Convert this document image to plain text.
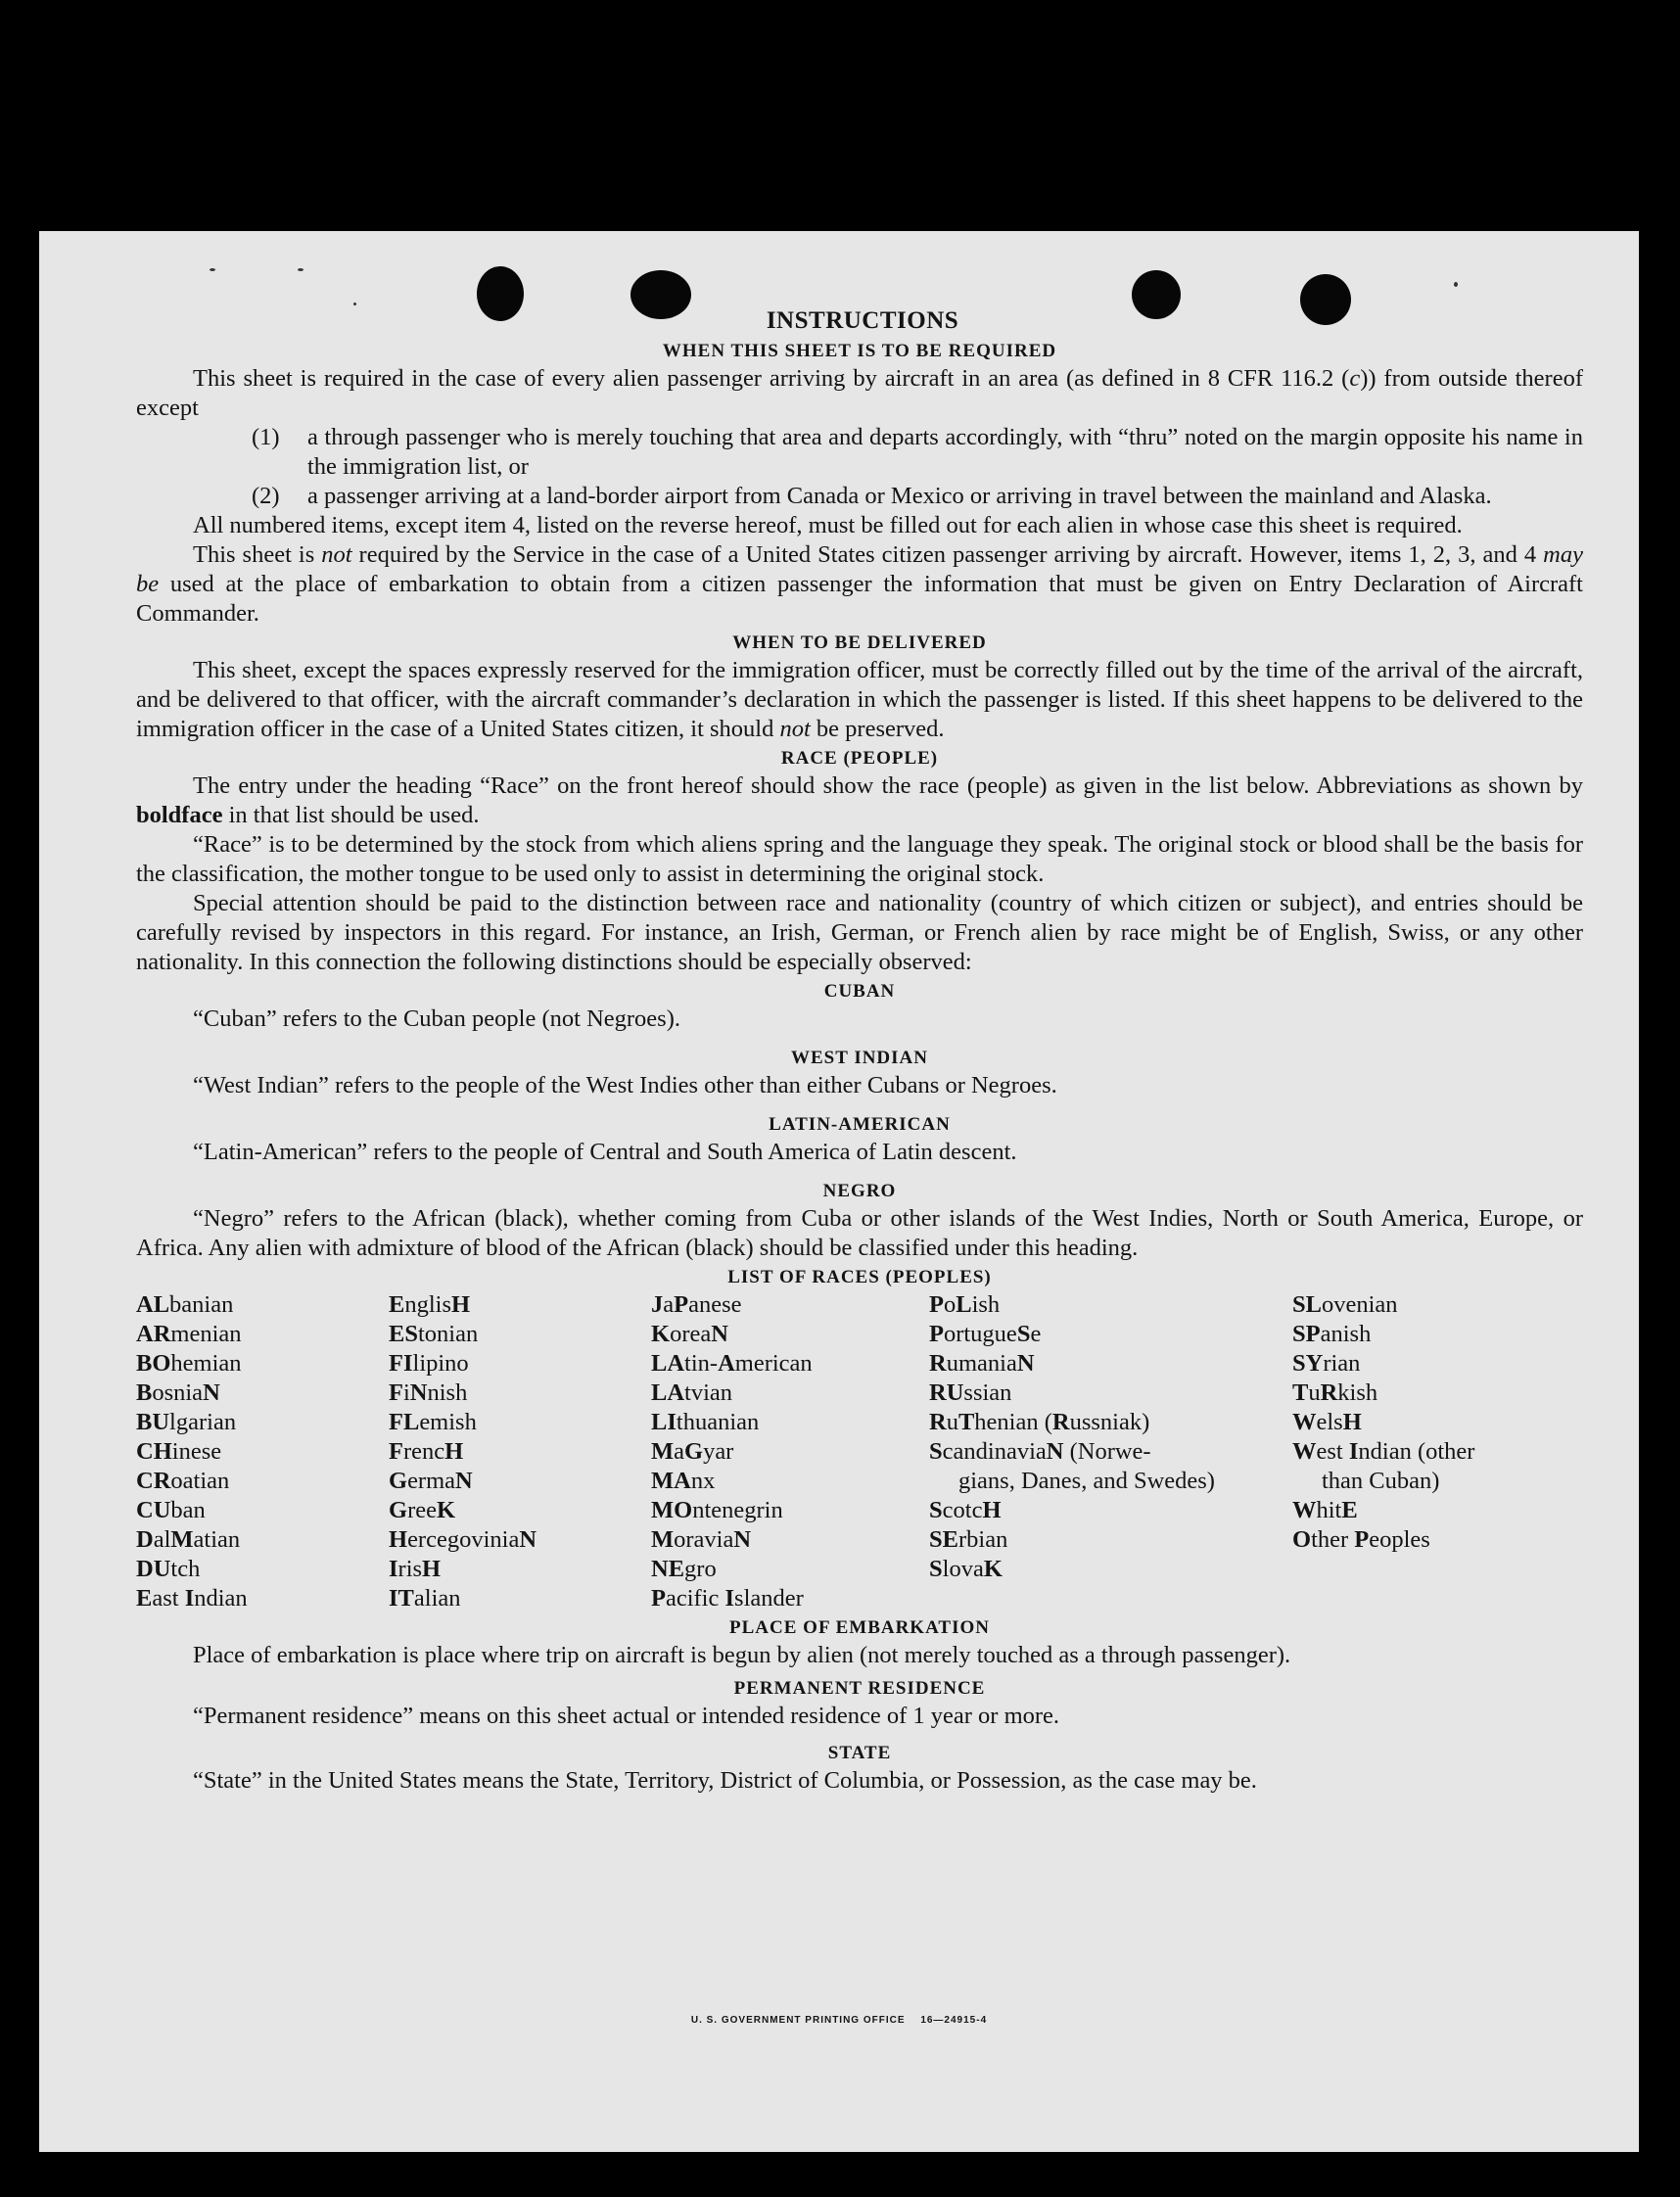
INSTRUCTIONS
WHEN THIS SHEET IS TO BE REQUIRED

This sheet is required in the case of every alien passenger arriving by aircraft in an area (as defined in 8 CFR 116.2 (c)) from outside thereof except

(1)	a through passenger who is merely touching that area and departs accordingly, with “thru” noted on the margin opposite his name in the immigration list, or
(2)	a passenger arriving at a land-border airport from Canada or Mexico or arriving in travel between the mainland and Alaska.

All numbered items, except item 4, listed on the reverse hereof, must be filled out for each alien in whose case this sheet is required.

This sheet is not required by the Service in the case of a United States citizen passenger arriving by aircraft. However, items 1, 2, 3, and 4 may be used at the place of embarkation to obtain from a citizen passenger the information that must be given on Entry Declaration of Aircraft Commander.

WHEN TO BE DELIVERED

This sheet, except the spaces expressly reserved for the immigration officer, must be correctly filled out by the time of the arrival of the aircraft, and be delivered to that officer, with the aircraft commander’s declaration in which the passenger is listed. If this sheet happens to be delivered to the immigration officer in the case of a United States citizen, it should not be preserved.

RACE (PEOPLE)

The entry under the heading “Race” on the front hereof should show the race (people) as given in the list below. Abbreviations as shown by boldface in that list should be used.

“Race” is to be determined by the stock from which aliens spring and the language they speak. The original stock or blood shall be the basis for the classification, the mother tongue to be used only to assist in determining the original stock.

Special attention should be paid to the distinction between race and nationality (country of which citizen or subject), and entries should be carefully revised by inspectors in this regard. For instance, an Irish, German, or French alien by race might be of English, Swiss, or any other nationality. In this connection the following distinctions should be especially observed:

CUBAN

“Cuban” refers to the Cuban people (not Negroes).

WEST INDIAN

“West Indian” refers to the people of the West Indies other than either Cubans or Negroes.

LATIN-AMERICAN

“Latin-American” refers to the people of Central and South America of Latin descent.

NEGRO

“Negro” refers to the African (black), whether coming from Cuba or other islands of the West Indies, North or South America, Europe, or Africa. Any alien with admixture of blood of the African (black) should be classified under this heading.

LIST OF RACES (PEOPLES)
ALbanian
ARmenian
BOhemian
BosniaN
BUlgarian
CHinese
CRoatian
CUban
DalMatian
DUtch
East Indian
EnglisH
EStonian
FIlipino
FiNnish
FLemish
FrencH
GermaN
GreeK
HercegoviniaN
IrisH
ITalian
JaPanese
KoreaN
LAtin-American
LAtvian
LIthuanian
MaGyar
MAnx
MOntenegrin
MoraviaN
NEgro
Pacific Islander
PoLish
PortugueSe
RumaniaN
RUssian
RuThenian (Russniak)
ScandinaviaN (Norwe-
gians, Danes, and Swedes)
ScotcH
SErbian
SlovaK
SLovenian
SPanish
SYrian
TuRkish
WelsH
West Indian (other
than Cuban)
WhitE
Other Peoples
PLACE OF EMBARKATION

Place of embarkation is place where trip on aircraft is begun by alien (not merely touched as a through passenger).

PERMANENT RESIDENCE

“Permanent residence” means on this sheet actual or intended residence of 1 year or more.

STATE

“State” in the United States means the State, Territory, District of Columbia, or Possession, as the case may be.

U. S. GOVERNMENT PRINTING OFFICE 16—24915-4
